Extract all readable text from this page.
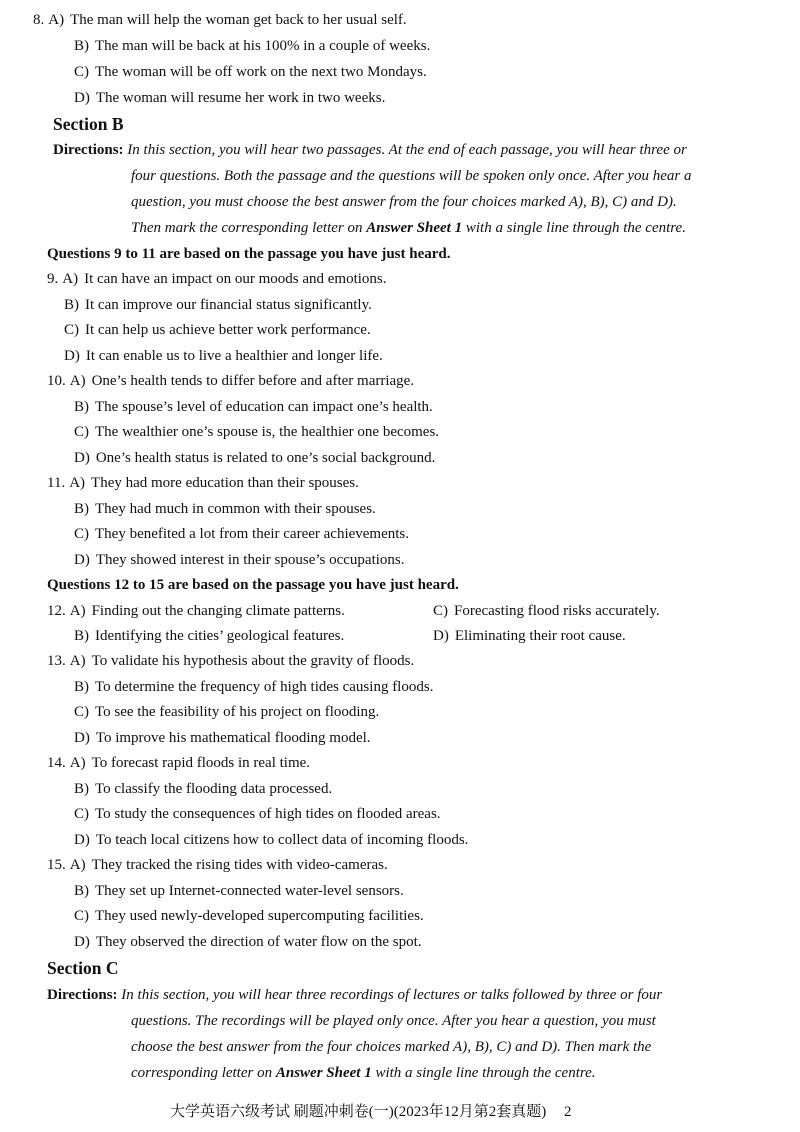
8. A) The man will help the woman get back to her usual self.
B) The man will be back at his 100% in a couple of weeks.
C) The woman will be off work on the next two Mondays.
D) The woman will resume her work in two weeks.
Section B
Directions: In this section, you will hear two passages. At the end of each passage, you will hear three or
four questions. Both the passage and the questions will be spoken only once. After you hear a
question, you must choose the best answer from the four choices marked A), B), C) and D).
Then mark the corresponding letter on Answer Sheet 1 with a single line through the centre.
Questions 9 to 11 are based on the passage you have just heard.
9. A) It can have an impact on our moods and emotions.
B) It can improve our financial status significantly.
C) It can help us achieve better work performance.
D) It can enable us to live a healthier and longer life.
10. A) One’s health tends to differ before and after marriage.
B) The spouse’s level of education can impact one’s health.
C) The wealthier one’s spouse is, the healthier one becomes.
D) One’s health status is related to one’s social background.
11. A) They had more education than their spouses.
B) They had much in common with their spouses.
C) They benefited a lot from their career achievements.
D) They showed interest in their spouse’s occupations.
Questions 12 to 15 are based on the passage you have just heard.
12. A) Finding out the changing climate patterns.	C) Forecasting flood risks accurately.
B) Identifying the cities’ geological features.	D) Eliminating their root cause.
13. A) To validate his hypothesis about the gravity of floods.
B) To determine the frequency of high tides causing floods.
C) To see the feasibility of his project on flooding.
D) To improve his mathematical flooding model.
14. A) To forecast rapid floods in real time.
B) To classify the flooding data processed.
C) To study the consequences of high tides on flooded areas.
D) To teach local citizens how to collect data of incoming floods.
15. A) They tracked the rising tides with video-cameras.
B) They set up Internet-connected water-level sensors.
C) They used newly-developed supercomputing facilities.
D) They observed the direction of water flow on the spot.
Section C
Directions: In this section, you will hear three recordings of lectures or talks followed by three or four
questions. The recordings will be played only once. After you hear a question, you must
choose the best answer from the four choices marked A), B), C) and D). Then mark the
corresponding letter on Answer Sheet 1 with a single line through the centre.
大学英语六级考试 刷题冲刺卷(一)(2023年12月第2套真题) 2
